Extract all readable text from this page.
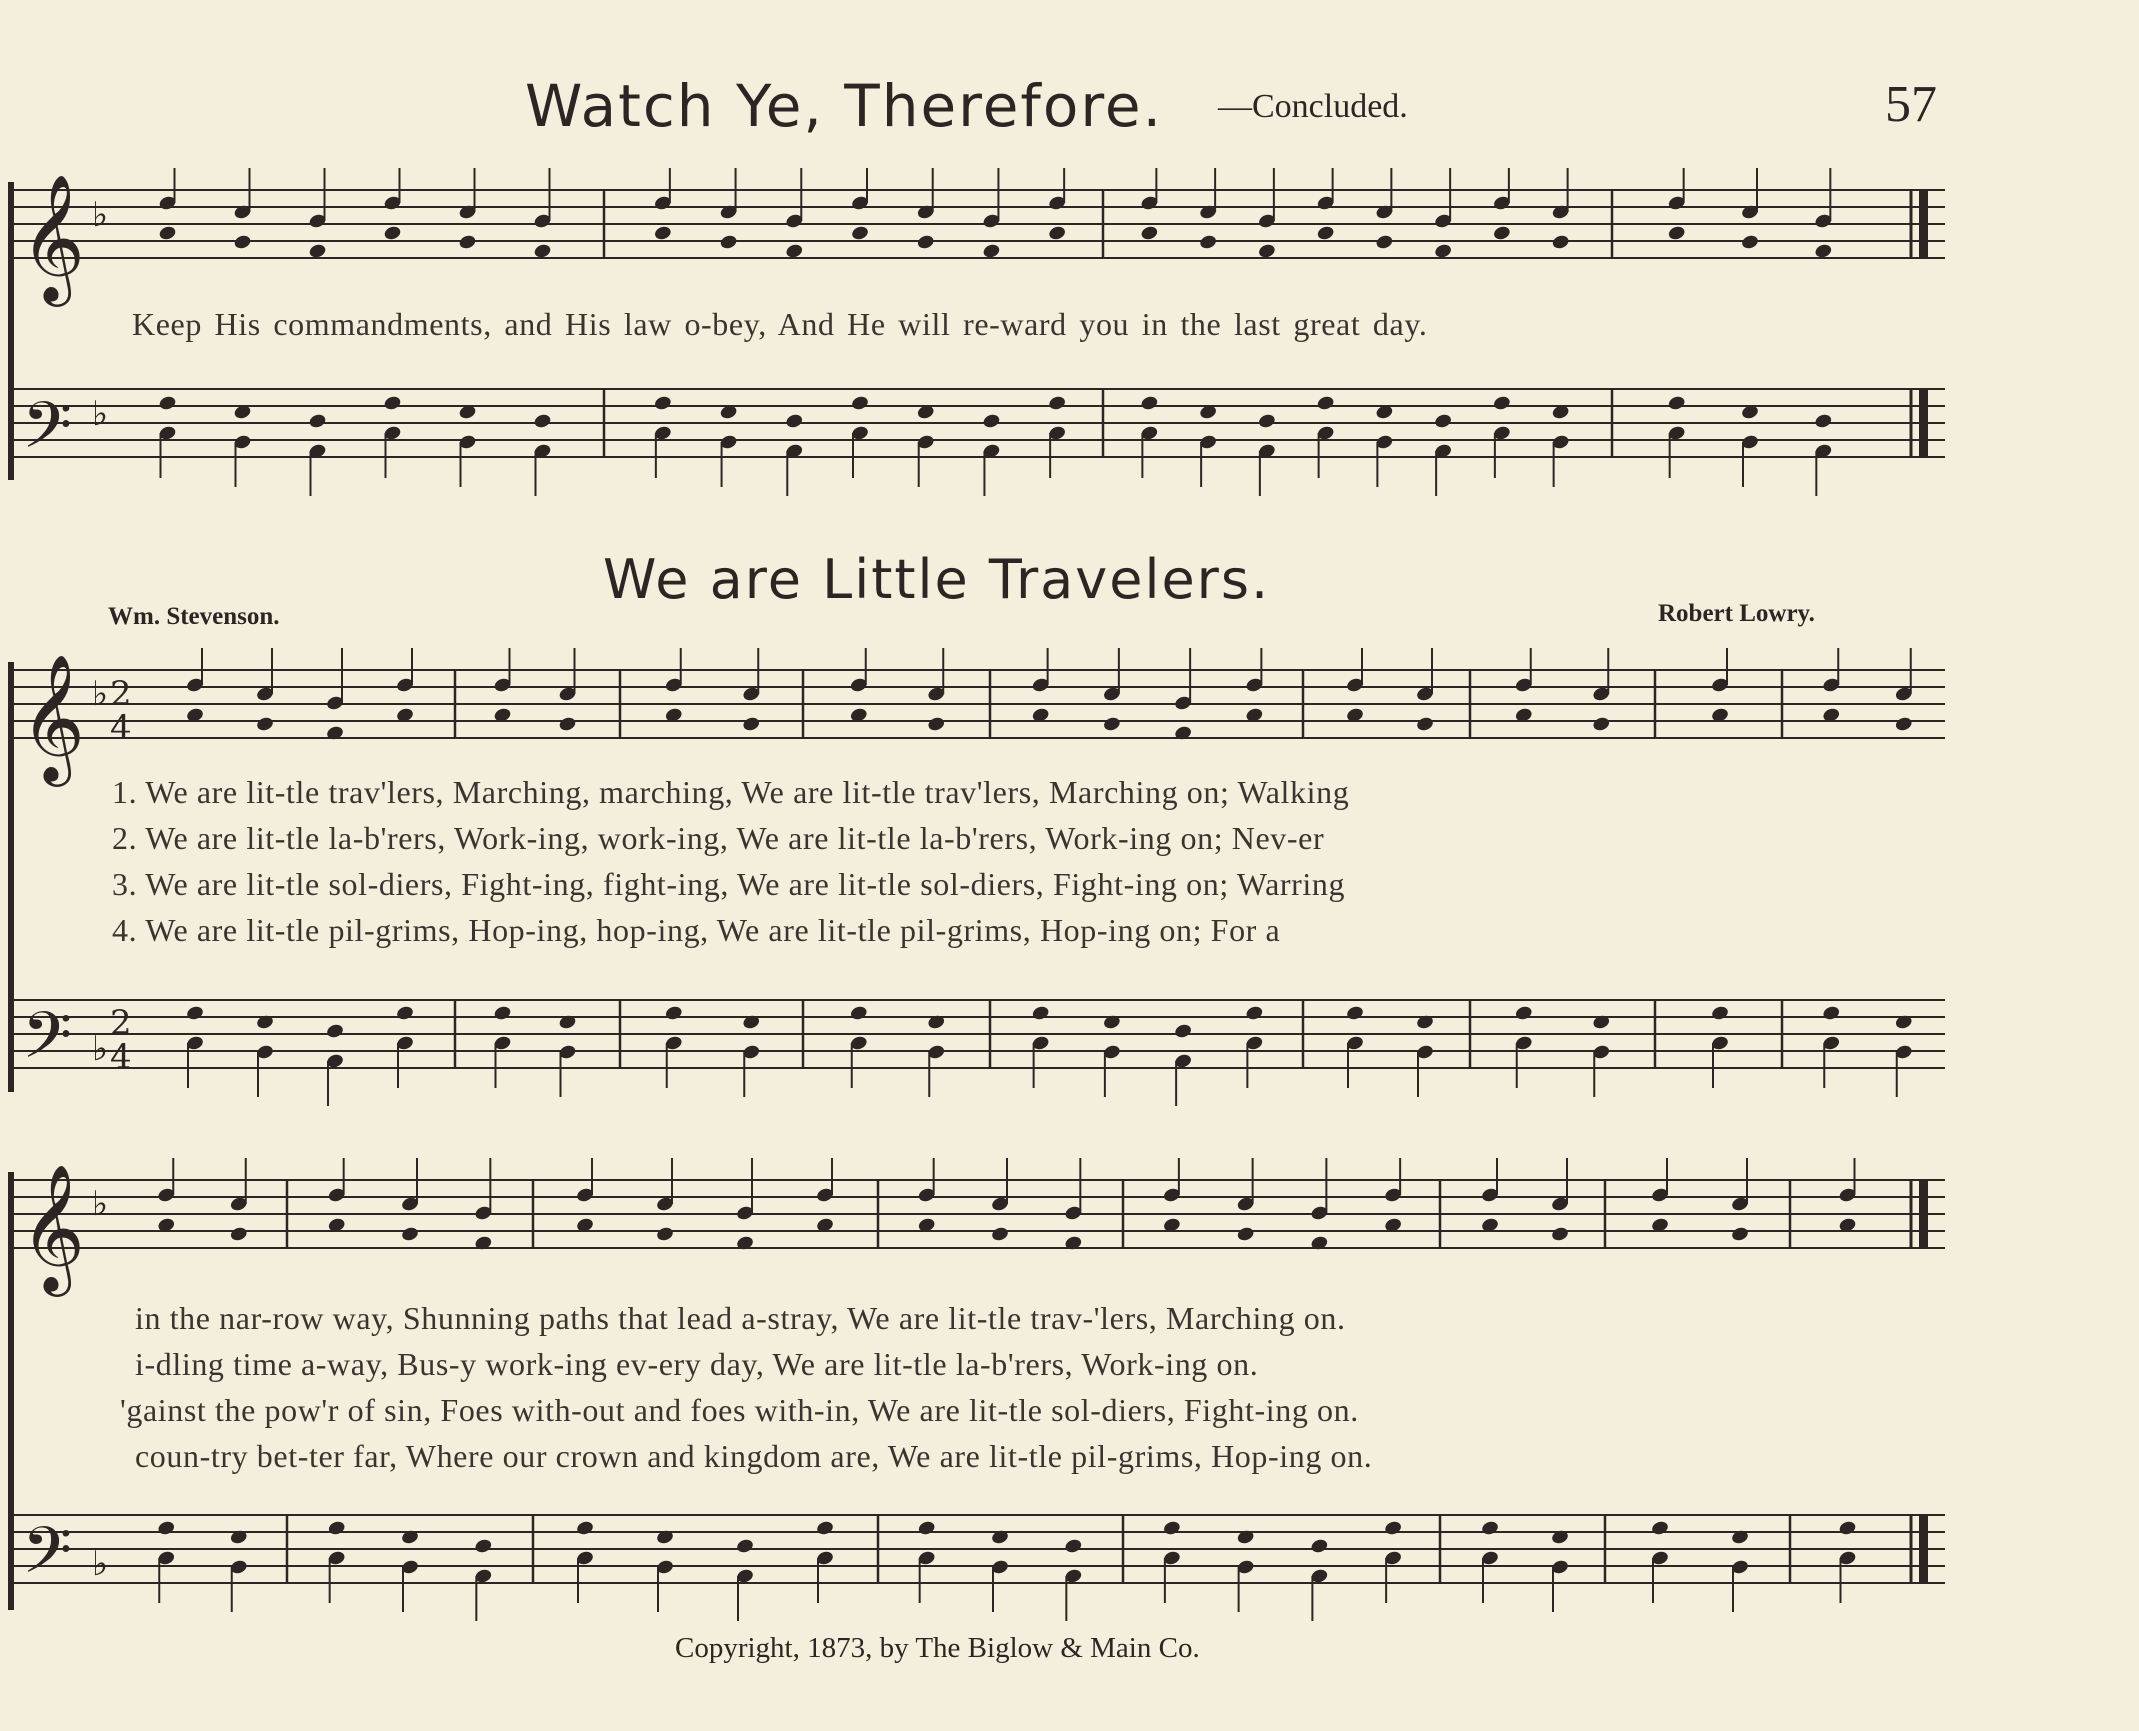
Watch Ye, Therefore. —Concluded.	57
Keep His commandments, and His law o-bey, And He will re-ward you in the last great day.
We are Little Travelers.
Wm. Stevenson.	Robert Lowry.
1. We are lit-tle trav'lers, Marching, marching, We are lit-tle trav'lers, Marching on; Walking
2. We are lit-tle la-b'rers, Work-ing, work-ing, We are lit-tle la-b'rers, Work-ing on; Nev-er
3. We are lit-tle sol-diers, Fight-ing, fight-ing, We are lit-tle sol-diers, Fight-ing on; Warring
4. We are lit-tle pil-grims, Hop-ing, hop-ing, We are lit-tle pil-grims, Hop-ing on; For a
in the nar-row way, Shunning paths that lead a-stray, We are lit-tle trav-'lers, Marching on.
i-dling time a-way, Bus-y work-ing ev-ery day, We are lit-tle la-b'rers, Work-ing on.
'gainst the pow'r of sin, Foes with-out and foes with-in, We are lit-tle sol-diers, Fight-ing on.
coun-try bet-ter far, Where our crown and kingdom are, We are lit-tle pil-grims, Hop-ing on.
Copyright, 1873, by The Biglow & Main Co.
𝄞
𝄢
♭
♭
𝄞
𝄢
♭
♭
2
4
2
4
𝄞
𝄢
♭
♭
